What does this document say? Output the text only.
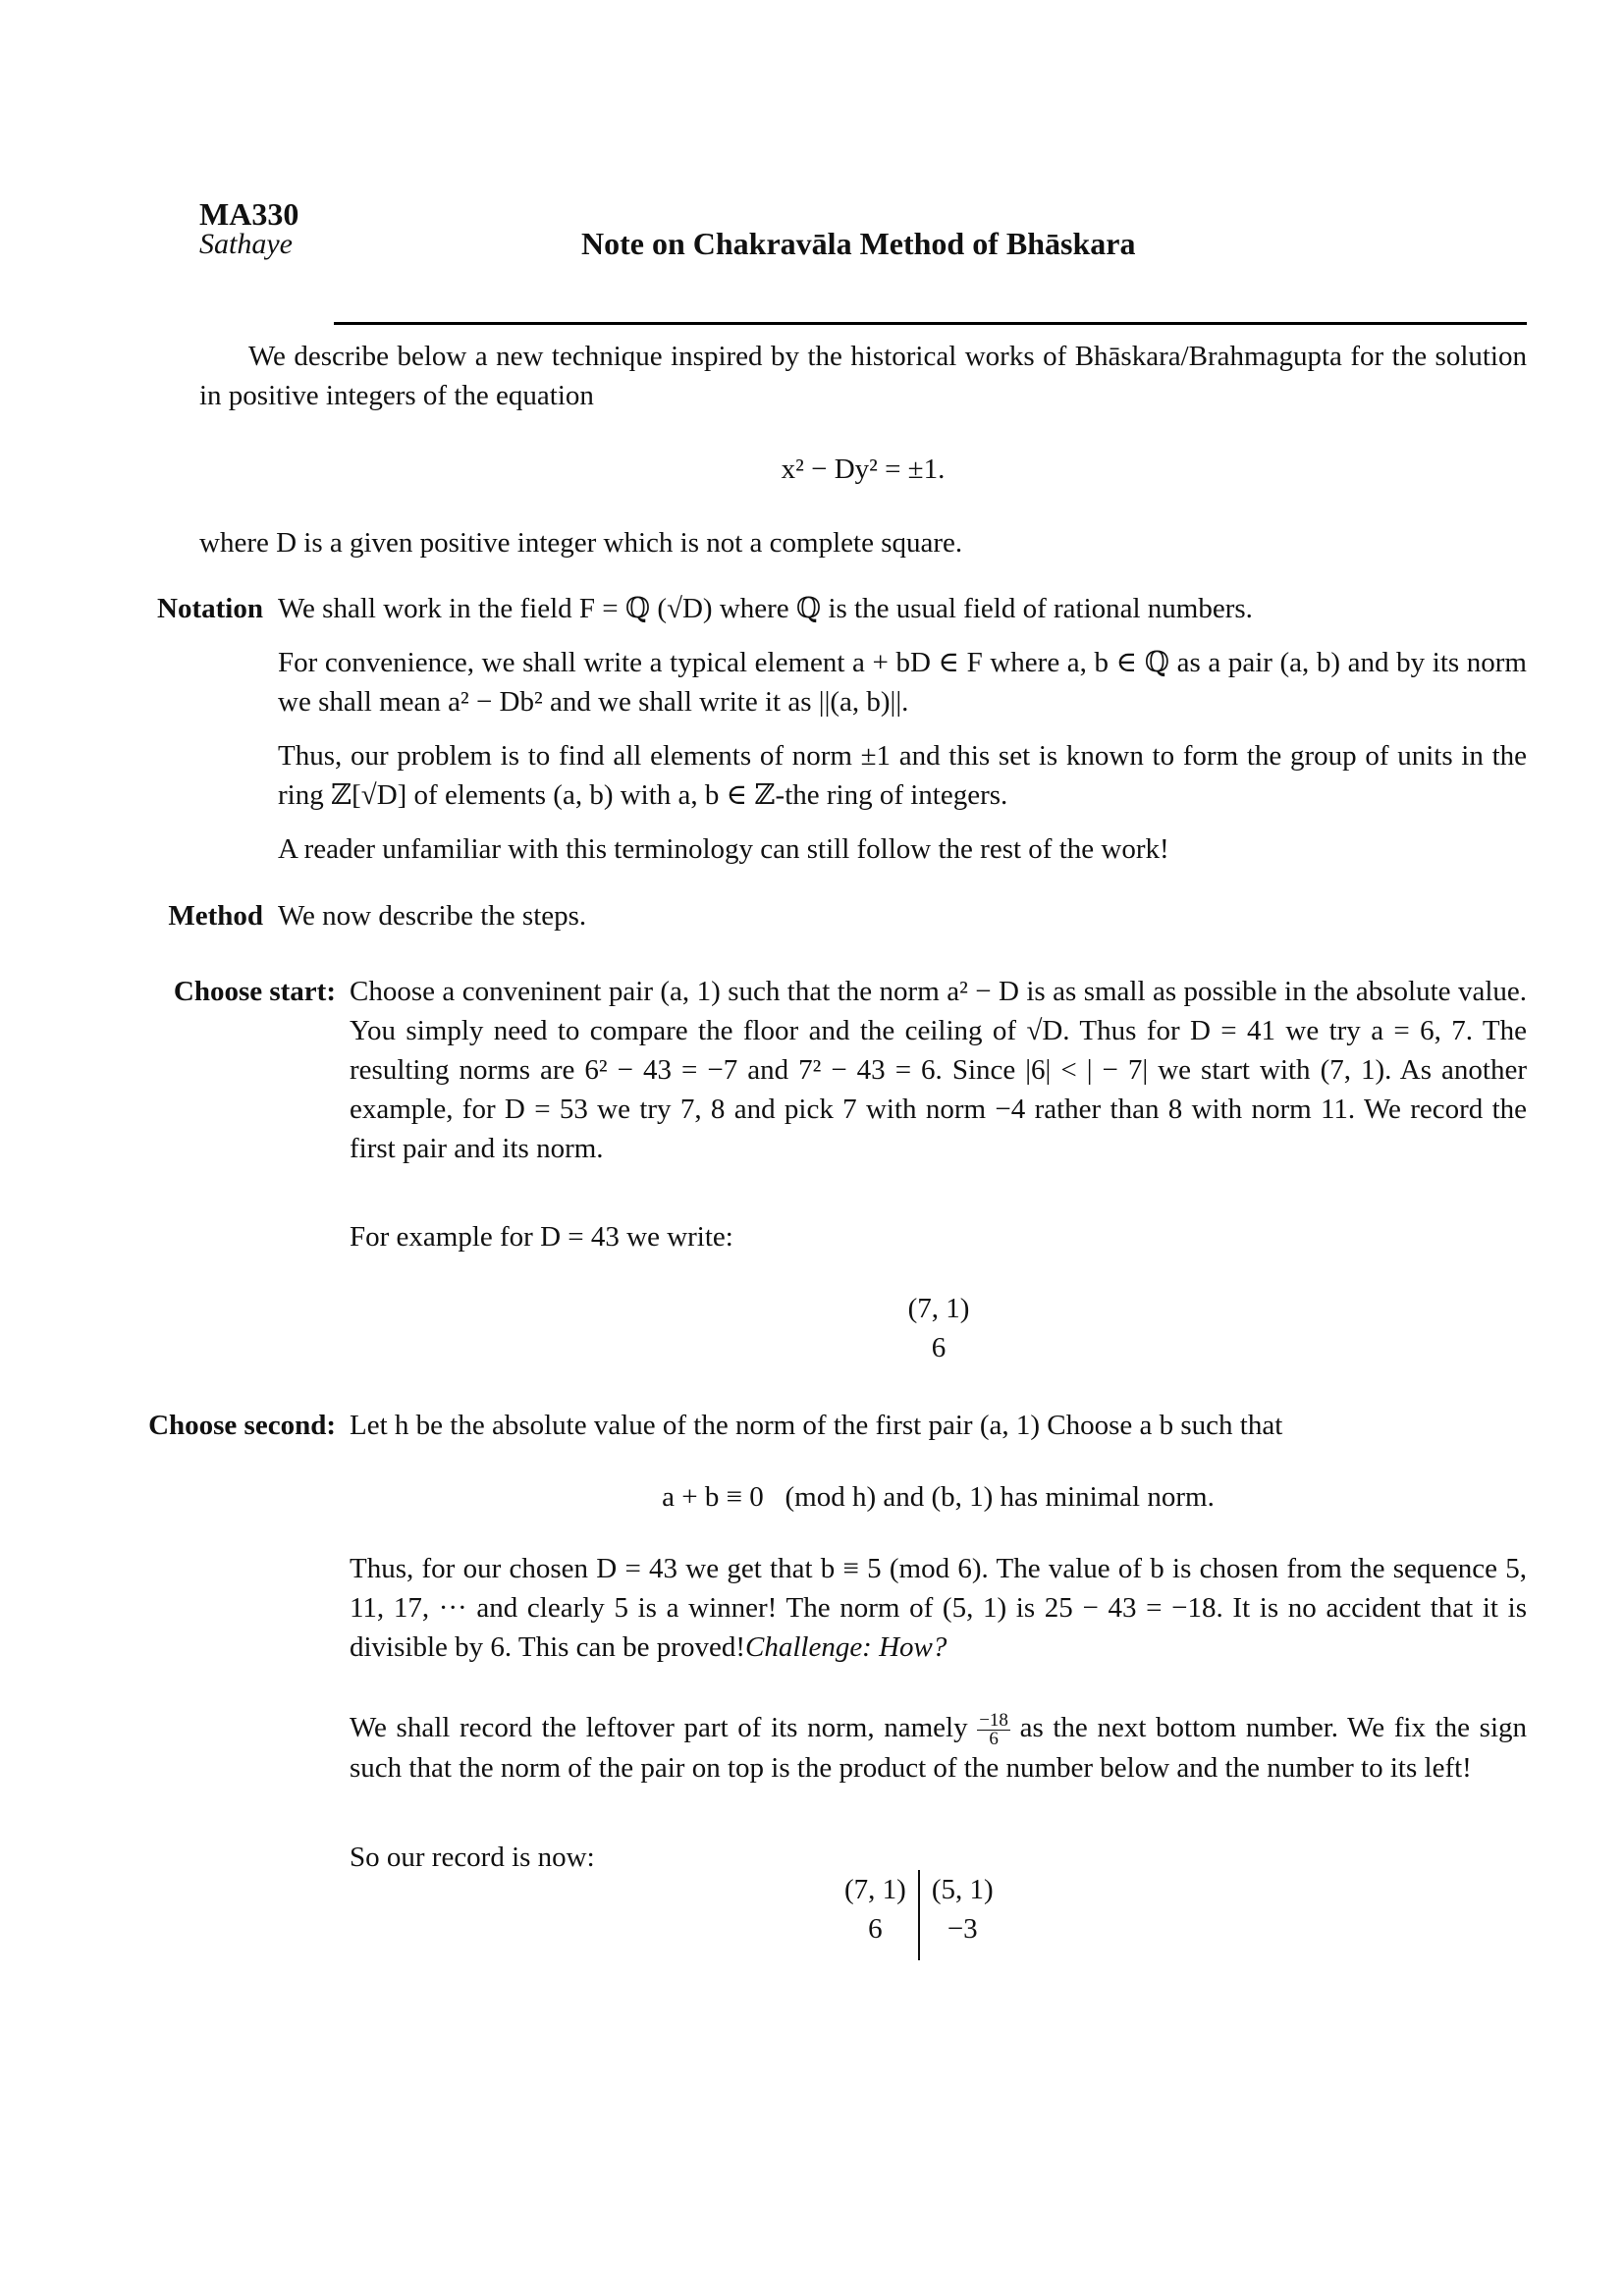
MA330
Sathaye	Note on Chakravāla Method of Bhāskara
We describe below a new technique inspired by the historical works of Bhāskara/Brahmagupta for the solution in positive integers of the equation
x² − Dy² = ±1.
where D is a given positive integer which is not a complete square.
Notation We shall work in the field F = ℚ (√D) where ℚ is the usual field of rational numbers.
For convenience, we shall write a typical element a + bD ∈ F where a, b ∈ ℚ as a pair (a, b) and by its norm we shall mean a² − Db² and we shall write it as ||(a, b)||.
Thus, our problem is to find all elements of norm ±1 and this set is known to form the group of units in the ring ℤ[√D] of elements (a, b) with a, b ∈ ℤ-the ring of integers.
A reader unfamiliar with this terminology can still follow the rest of the work!
Method We now describe the steps.
Choose start: Choose a conveninent pair (a, 1) such that the norm a² − D is as small as possible in the absolute value. You simply need to compare the floor and the ceiling of √D. Thus for D = 41 we try a = 6, 7. The resulting norms are 6² − 43 = −7 and 7² − 43 = 6. Since |6| < | − 7| we start with (7, 1). As another example, for D = 53 we try 7, 8 and pick 7 with norm −4 rather than 8 with norm 11. We record the first pair and its norm.
For example for D = 43 we write:
(7, 1)
6
Choose second: Let h be the absolute value of the norm of the first pair (a, 1) Choose a b such that
a + b ≡ 0   (mod h) and (b, 1) has minimal norm.
Thus, for our chosen D = 43 we get that b ≡ 5 (mod 6). The value of b is chosen from the sequence 5, 11, 17, ··· and clearly 5 is a winner! The norm of (5, 1) is 25 − 43 = −18. It is no accident that it is divisible by 6. This can be proved!Challenge: How?
We shall record the leftover part of its norm, namely $\frac{-18}{6}$ as the next bottom number. We fix the sign such that the norm of the pair on top is the product of the number below and the number to its left!
So our record is now:
(7, 1)
6
(5, 1)
−3
